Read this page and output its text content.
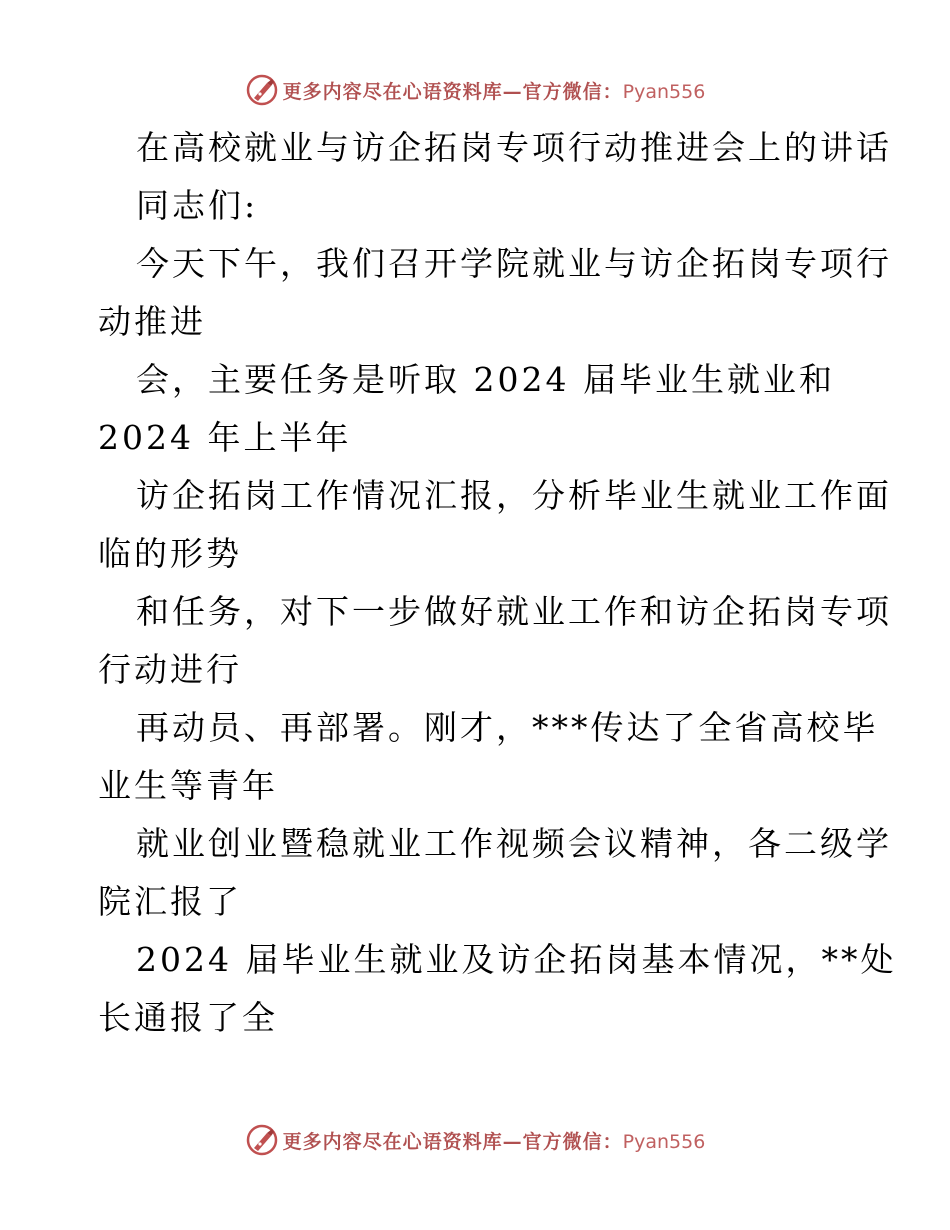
更多内容尽在心语资料库—官方微信：Pyan556
在高校就业与访企拓岗专项行动推进会上的讲话
同志们:
今天下午，我们召开学院就业与访企拓岗专项行
动推进
会，主要任务是听取 2024 届毕业生就业和
2024 年上半年
访企拓岗工作情况汇报，分析毕业生就业工作面
临的形势
和任务，对下一步做好就业工作和访企拓岗专项
行动进行
再动员、再部署。刚才，***传达了全省高校毕
业生等青年
就业创业暨稳就业工作视频会议精神，各二级学
院汇报了
2024 届毕业生就业及访企拓岗基本情况，**处
长通报了全
更多内容尽在心语资料库—官方微信：Pyan556
